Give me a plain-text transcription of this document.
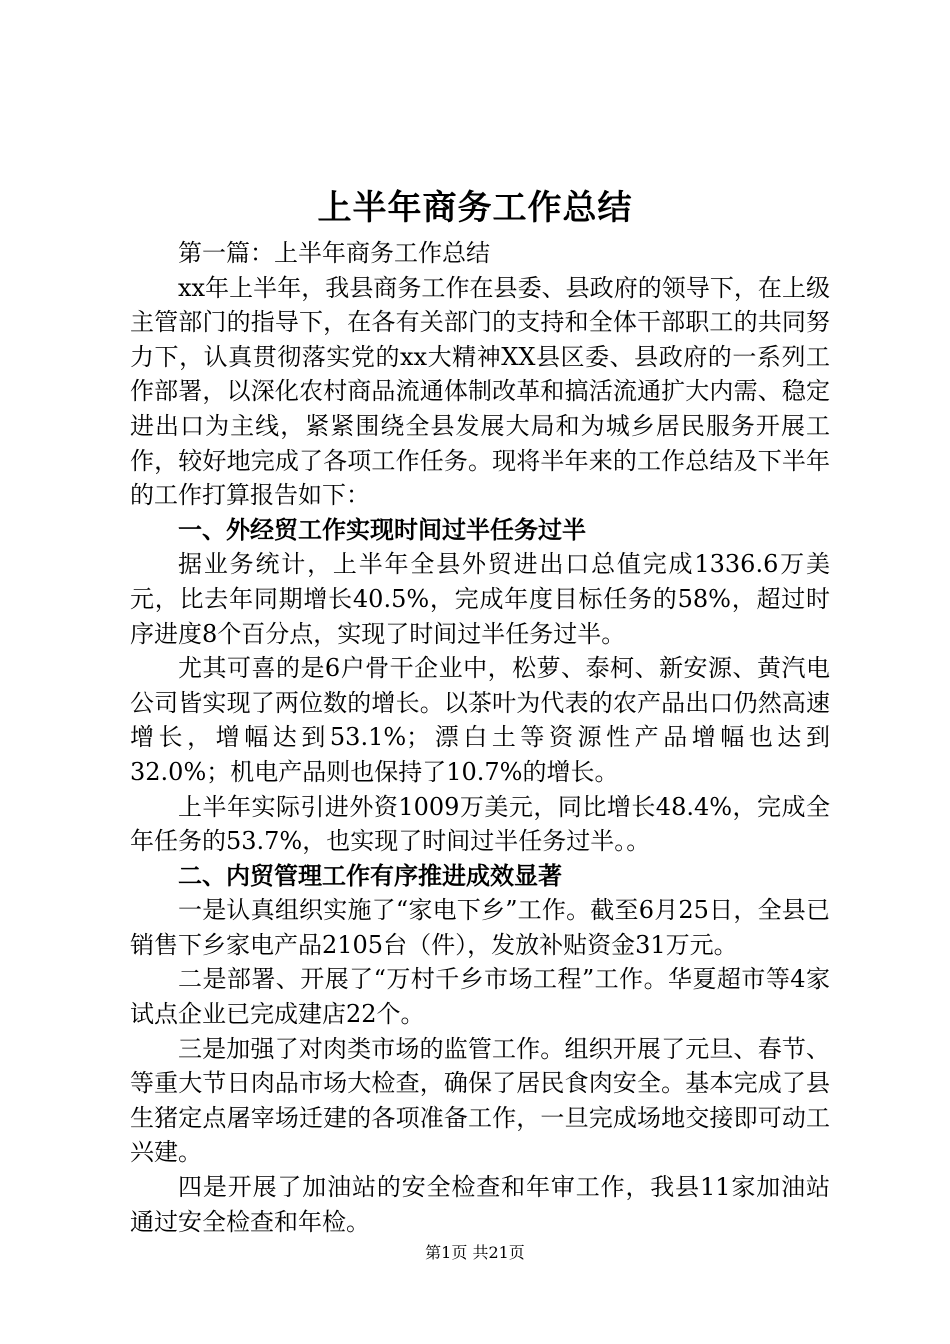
上半年商务工作总结

第一篇：上半年商务工作总结

xx年上半年，我县商务工作在县委、县政府的领导下，在上级主管部门的指导下，在各有关部门的支持和全体干部职工的共同努力下，认真贯彻落实党的xx大精神XX县区委、县政府的一系列工作部署，以深化农村商品流通体制改革和搞活流通扩大内需、稳定进出口为主线，紧紧围绕全县发展大局和为城乡居民服务开展工作，较好地完成了各项工作任务。现将半年来的工作总结及下半年的工作打算报告如下：

一、外经贸工作实现时间过半任务过半

据业务统计，上半年全县外贸进出口总值完成1336.6万美元，比去年同期增长40.5%，完成年度目标任务的58%，超过时序进度8个百分点，实现了时间过半任务过半。

尤其可喜的是6户骨干企业中，松萝、泰柯、新安源、黄汽电公司皆实现了两位数的增长。以茶叶为代表的农产品出口仍然高速增长，增幅达到53.1%；漂白土等资源性产品增幅也达到32.0%；机电产品则也保持了10.7%的增长。

上半年实际引进外资1009万美元，同比增长48.4%，完成全年任务的53.7%，也实现了时间过半任务过半。。

二、内贸管理工作有序推进成效显著

一是认真组织实施了“家电下乡”工作。截至6月25日，全县已销售下乡家电产品2105台（件），发放补贴资金31万元。

二是部署、开展了“万村千乡市场工程”工作。华夏超市等4家试点企业已完成建店22个。

三是加强了对肉类市场的监管工作。组织开展了元旦、春节、等重大节日肉品市场大检查，确保了居民食肉安全。基本完成了县生猪定点屠宰场迁建的各项准备工作，一旦完成场地交接即可动工兴建。

四是开展了加油站的安全检查和年审工作，我县11家加油站通过安全检查和年检。

第1页 共21页
